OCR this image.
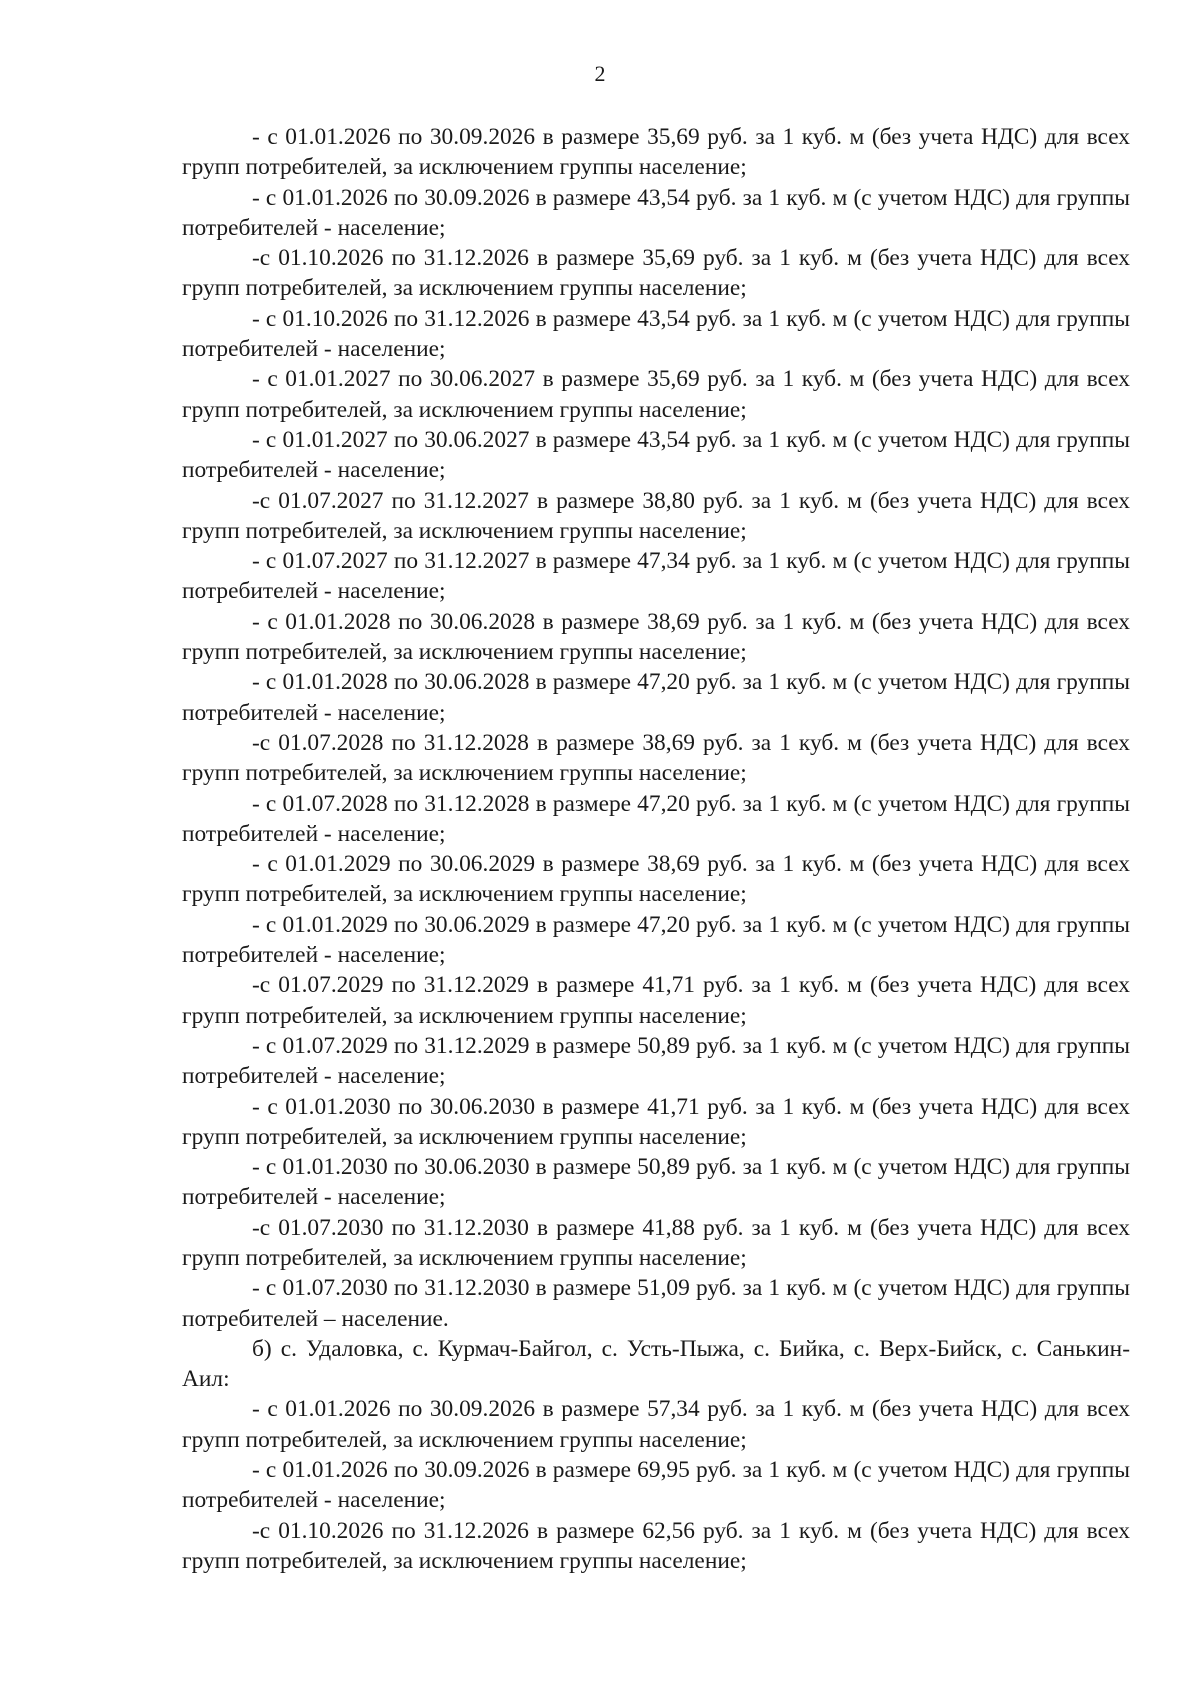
2

- с 01.01.2026 по 30.09.2026 в размере 35,69 руб. за 1 куб. м (без учета НДС) для всех групп потребителей, за исключением группы население;

- с 01.01.2026 по 30.09.2026 в размере 43,54 руб. за 1 куб. м (с учетом НДС) для группы потребителей - население;

-с 01.10.2026 по 31.12.2026 в размере 35,69 руб. за 1 куб. м (без учета НДС) для всех групп потребителей, за исключением группы население;

- с 01.10.2026 по 31.12.2026 в размере 43,54 руб. за 1 куб. м (с учетом НДС) для группы потребителей - население;

- с 01.01.2027 по 30.06.2027 в размере 35,69 руб. за 1 куб. м (без учета НДС) для всех групп потребителей, за исключением группы население;

- с 01.01.2027 по 30.06.2027 в размере 43,54 руб. за 1 куб. м (с учетом НДС) для группы потребителей - население;

-с 01.07.2027 по 31.12.2027 в размере 38,80 руб. за 1 куб. м (без учета НДС) для всех групп потребителей, за исключением группы население;

- с 01.07.2027 по 31.12.2027 в размере 47,34 руб. за 1 куб. м (с учетом НДС) для группы потребителей - население;

- с 01.01.2028 по 30.06.2028 в размере 38,69 руб. за 1 куб. м (без учета НДС) для всех групп потребителей, за исключением группы население;

- с 01.01.2028 по 30.06.2028 в размере 47,20 руб. за 1 куб. м (с учетом НДС) для группы потребителей - население;

-с 01.07.2028 по 31.12.2028 в размере 38,69 руб. за 1 куб. м (без учета НДС) для всех групп потребителей, за исключением группы население;

- с 01.07.2028 по 31.12.2028 в размере 47,20 руб. за 1 куб. м (с учетом НДС) для группы потребителей - население;

- с 01.01.2029 по 30.06.2029 в размере 38,69 руб. за 1 куб. м (без учета НДС) для всех групп потребителей, за исключением группы население;

- с 01.01.2029 по 30.06.2029 в размере 47,20 руб. за 1 куб. м (с учетом НДС) для группы потребителей - население;

-с 01.07.2029 по 31.12.2029 в размере 41,71 руб. за 1 куб. м (без учета НДС) для всех групп потребителей, за исключением группы население;

- с 01.07.2029 по 31.12.2029 в размере 50,89 руб. за 1 куб. м (с учетом НДС) для группы потребителей - население;

- с 01.01.2030 по 30.06.2030 в размере 41,71 руб. за 1 куб. м (без учета НДС) для всех групп потребителей, за исключением группы население;

- с 01.01.2030 по 30.06.2030 в размере 50,89 руб. за 1 куб. м (с учетом НДС) для группы потребителей - население;

-с 01.07.2030 по 31.12.2030 в размере 41,88 руб. за 1 куб. м (без учета НДС) для всех групп потребителей, за исключением группы население;

- с 01.07.2030 по 31.12.2030 в размере 51,09 руб. за 1 куб. м (с учетом НДС) для группы потребителей – население.

б) с. Удаловка, с. Курмач-Байгол, с. Усть-Пыжа, с. Бийка, с. Верх-Бийск, с. Санькин-Аил:

- с 01.01.2026 по 30.09.2026 в размере 57,34 руб. за 1 куб. м (без учета НДС) для всех групп потребителей, за исключением группы население;

- с 01.01.2026 по 30.09.2026 в размере 69,95 руб. за 1 куб. м (с учетом НДС) для группы потребителей - население;

-с 01.10.2026 по 31.12.2026 в размере 62,56 руб. за 1 куб. м (без учета НДС) для всех групп потребителей, за исключением группы население;
